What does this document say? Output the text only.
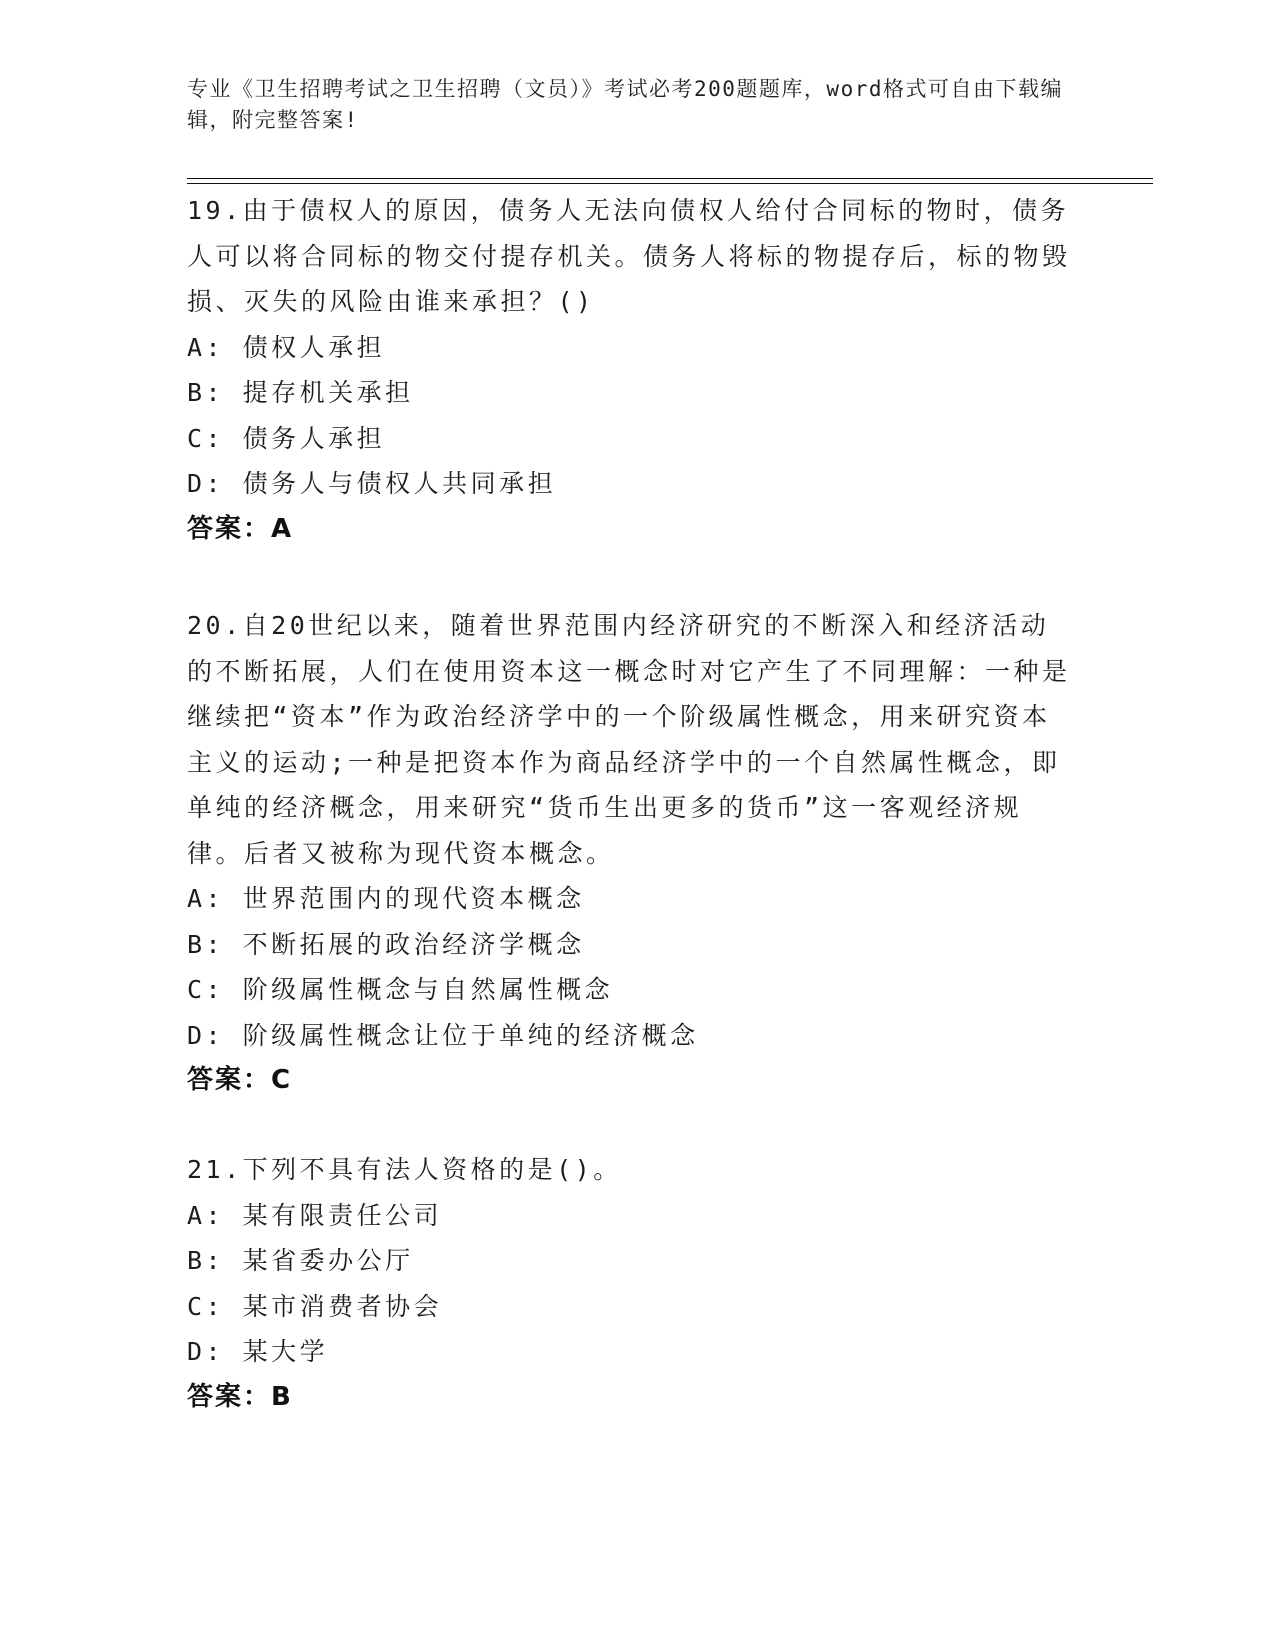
专业《卫生招聘考试之卫生招聘（文员）》考试必考200题题库，word格式可自由下载编辑，附完整答案!
19.由于债权人的原因，债务人无法向债权人给付合同标的物时，债务人可以将合同标的物交付提存机关。债务人将标的物提存后，标的物毁损、灭失的风险由谁来承担？()
A: 债权人承担
B: 提存机关承担
C: 债务人承担
D: 债务人与债权人共同承担
答案：A
20.自20世纪以来，随着世界范围内经济研究的不断深入和经济活动的不断拓展，人们在使用资本这一概念时对它产生了不同理解：一种是继续把“资本”作为政治经济学中的一个阶级属性概念，用来研究资本主义的运动;一种是把资本作为商品经济学中的一个自然属性概念，即单纯的经济概念，用来研究“货币生出更多的货币”这一客观经济规律。后者又被称为现代资本概念。
A: 世界范围内的现代资本概念
B: 不断拓展的政治经济学概念
C: 阶级属性概念与自然属性概念
D: 阶级属性概念让位于单纯的经济概念
答案：C
21.下列不具有法人资格的是()。
A: 某有限责任公司
B: 某省委办公厅
C: 某市消费者协会
D: 某大学
答案：B
